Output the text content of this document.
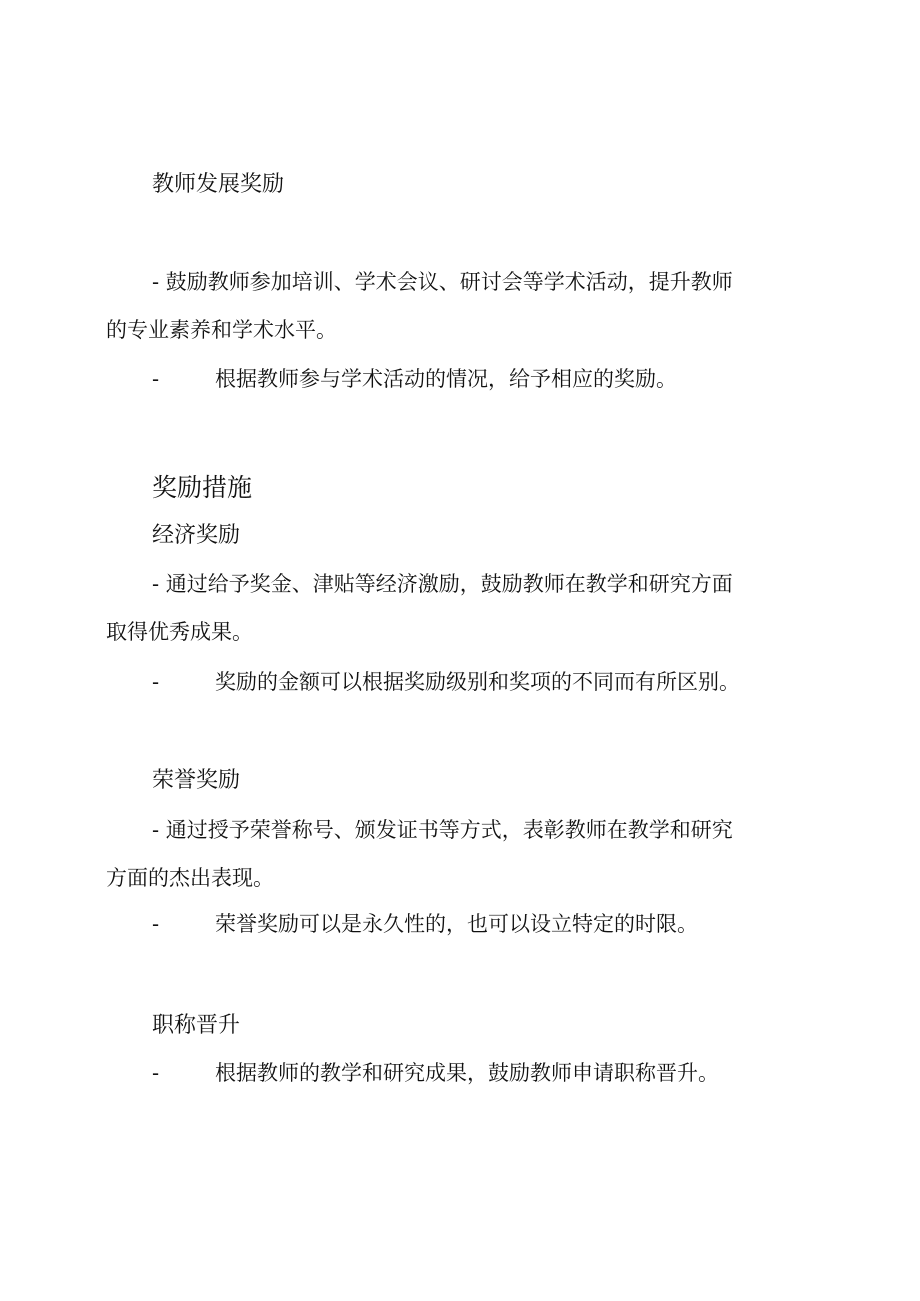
教师发展奖励
- 鼓励教师参加培训、学术会议、研讨会等学术活动，提升教师
的专业素养和学术水平。
-	根据教师参与学术活动的情况，给予相应的奖励。
奖励措施
经济奖励
- 通过给予奖金、津贴等经济激励，鼓励教师在教学和研究方面
取得优秀成果。
-	奖励的金额可以根据奖励级别和奖项的不同而有所区别。
荣誉奖励
- 通过授予荣誉称号、颁发证书等方式，表彰教师在教学和研究
方面的杰出表现。
-	荣誉奖励可以是永久性的，也可以设立特定的时限。
职称晋升
-	根据教师的教学和研究成果，鼓励教师申请职称晋升。
